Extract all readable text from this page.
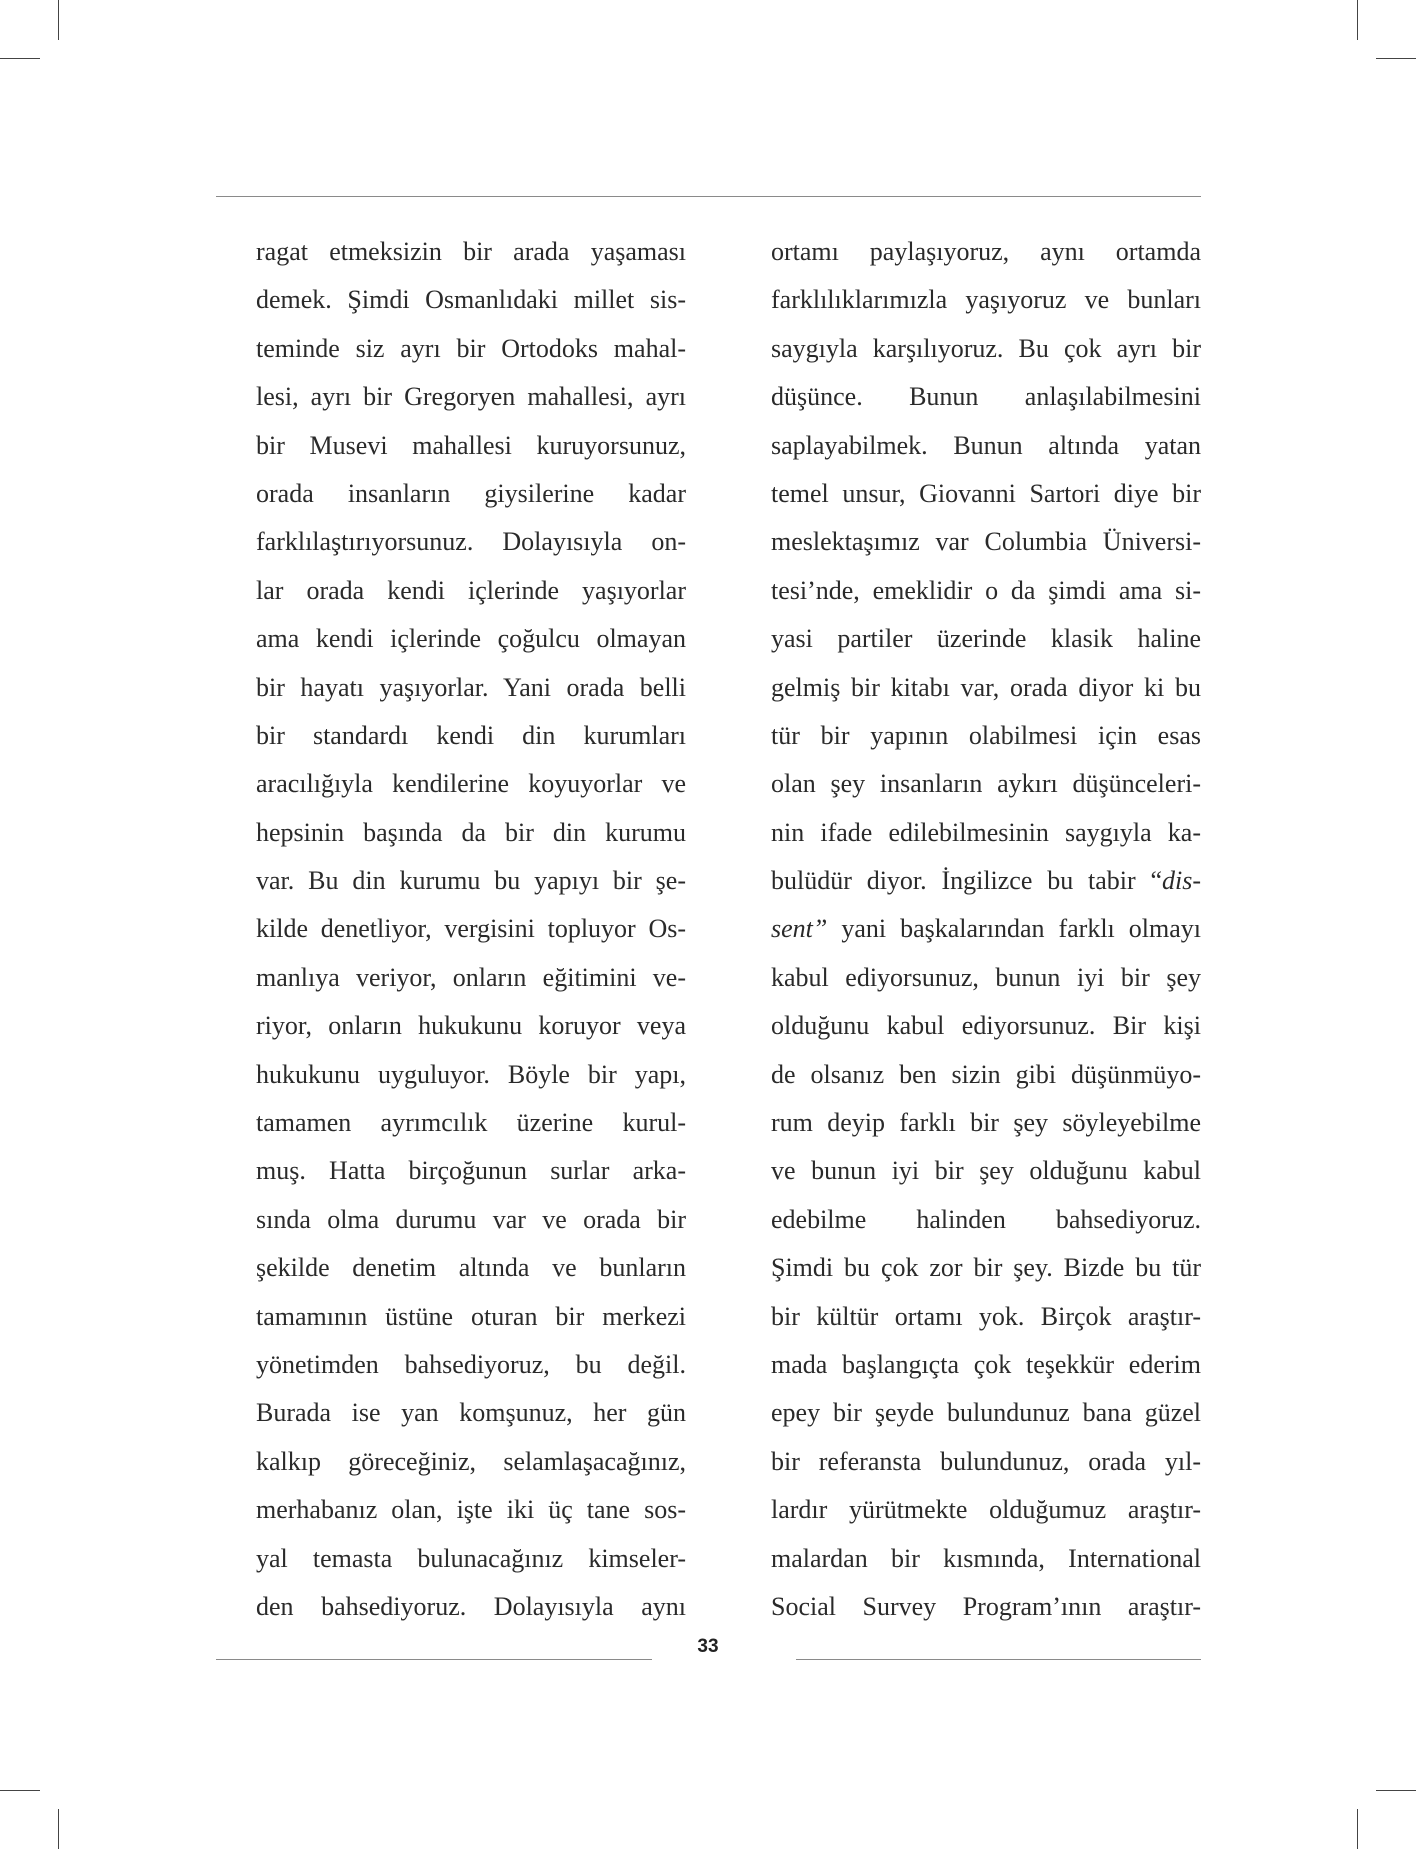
ragat etmeksizin bir arada yaşaması
demek. Şimdi Osmanlıdaki millet sis-
teminde siz ayrı bir Ortodoks mahal-
lesi, ayrı bir Gregoryen mahallesi, ayrı
bir Musevi mahallesi kuruyorsunuz,
orada insanların giysilerine kadar
farklılaştırıyorsunuz. Dolayısıyla on-
lar orada kendi içlerinde yaşıyorlar
ama kendi içlerinde çoğulcu olmayan
bir hayatı yaşıyorlar. Yani orada belli
bir standardı kendi din kurumları
aracılığıyla kendilerine koyuyorlar ve
hepsinin başında da bir din kurumu
var. Bu din kurumu bu yapıyı bir şe-
kilde denetliyor, vergisini topluyor Os-
manlıya veriyor, onların eğitimini ve-
riyor, onların hukukunu koruyor veya
hukukunu uyguluyor. Böyle bir yapı,
tamamen ayrımcılık üzerine kurul-
muş. Hatta birçoğunun surlar arka-
sında olma durumu var ve orada bir
şekilde denetim altında ve bunların
tamamının üstüne oturan bir merkezi
yönetimden bahsediyoruz, bu değil.
Burada ise yan komşunuz, her gün
kalkıp göreceğiniz, selamlaşacağınız,
merhabanız olan, işte iki üç tane sos-
yal temasta bulunacağınız kimseler-
den bahsediyoruz. Dolayısıyla aynı
ortamı paylaşıyoruz, aynı ortamda
farklılıklarımızla yaşıyoruz ve bunları
saygıyla karşılıyoruz. Bu çok ayrı bir
düşünce. Bunun anlaşılabilmesini
saplayabilmek. Bunun altında yatan
temel unsur, Giovanni Sartori diye bir
meslektaşımız var Columbia Üniversi-
tesi’nde, emeklidir o da şimdi ama si-
yasi partiler üzerinde klasik haline
gelmiş bir kitabı var, orada diyor ki bu
tür bir yapının olabilmesi için esas
olan şey insanların aykırı düşünceleri-
nin ifade edilebilmesinin saygıyla ka-
bulüdür diyor. İngilizce bu tabir “dis-
sent” yani başkalarından farklı olmayı
kabul ediyorsunuz, bunun iyi bir şey
olduğunu kabul ediyorsunuz. Bir kişi
de olsanız ben sizin gibi düşünmüyo-
rum deyip farklı bir şey söyleyebilme
ve bunun iyi bir şey olduğunu kabul
edebilme halinden bahsediyoruz.
Şimdi bu çok zor bir şey. Bizde bu tür
bir kültür ortamı yok. Birçok araştır-
mada başlangıçta çok teşekkür ederim
epey bir şeyde bulundunuz bana güzel
bir referansta bulundunuz, orada yıl-
lardır yürütmekte olduğumuz araştır-
malardan bir kısmında, International
Social Survey Program’ının araştır-
33
